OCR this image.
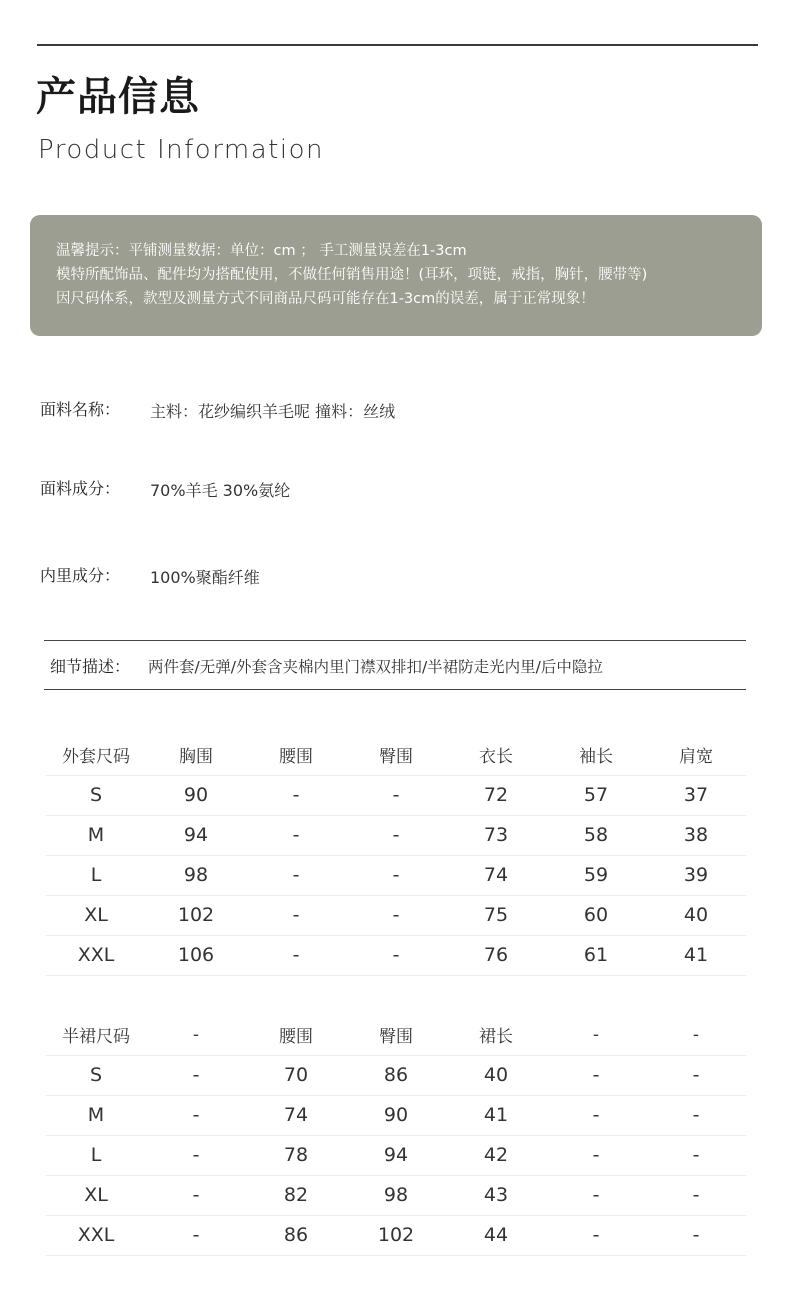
产品信息
Product Information

温馨提示：平铺测量数据：单位：cm ； 手工测量误差在1-3cm

模特所配饰品、配件均为搭配使用，不做任何销售用途！(耳环，项链，戒指，胸针，腰带等)

因尺码体系，款型及测量方式不同商品尺码可能存在1-3cm的误差，属于正常现象！

面料名称： 主料：花纱编织羊毛呢 撞料：丝绒
面料成分： 70%羊毛 30%氨纶
内里成分： 100%聚酯纤维
细节描述： 两件套/无弹/外套含夹棉内里门襟双排扣/半裙防走光内里/后中隐拉
外套尺码	胸围	腰围	臀围	衣长	袖长	肩宽
S	90	-	-	72	57	37
M	94	-	-	73	58	38
L	98	-	-	74	59	39
XL	102	-	-	75	60	40
XXL	106	-	-	76	61	41
半裙尺码	-	腰围	臀围	裙长	-	-
S	-	70	86	40	-	-
M	-	74	90	41	-	-
L	-	78	94	42	-	-
XL	-	82	98	43	-	-
XXL	-	86	102	44	-	-
